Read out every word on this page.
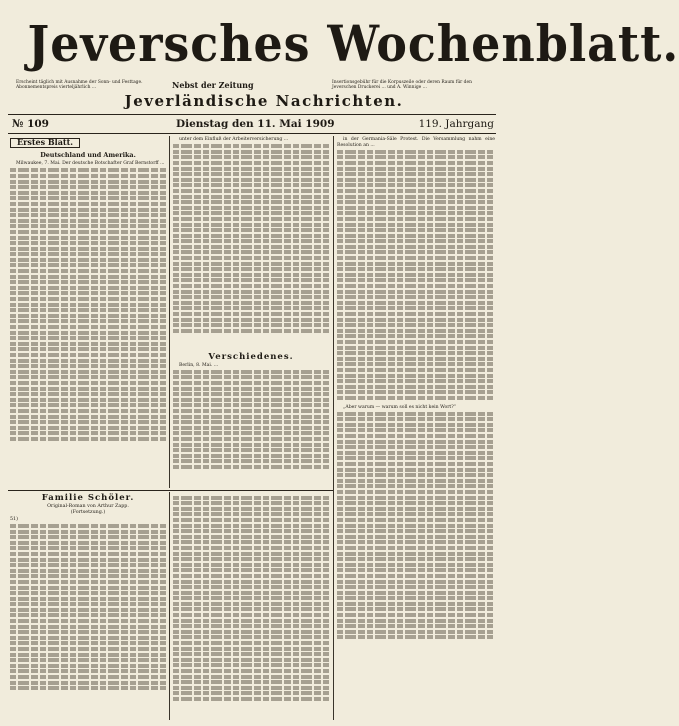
Jeversches Wochenblatt.
Erscheint täglich mit Ausnahme der Sonn- und Festtage. Abonnementspreis vierteljährlich ...	Nebst der Zeitung
Jeverländische Nachrichten.
Insertionsgebühr für die Korpuszeile oder deren Raum für den Jeverschen Druckerei ... und A. Winnige ...
№ 109	Dienstag den 11. Mai 1909	119. Jahrgang
Erstes Blatt.
Deutschland und Amerika.

Milwaukee, 7. Mai. Der deutsche Botschafter Graf Bernstorff ...

unter dem Einfluß der Arbeiterversicherung ...

Verschiedenes.

Berlin, 8. Mai. ...

in der Germania-Säle Protest. Die Versammlung nahm eine Resolution an ...

„Aber warum — warum soll es nicht kein Wort?“

Familie Schöler.
Original-Roman von Arthur Zapp.
(Fortsetzung.)
51)
